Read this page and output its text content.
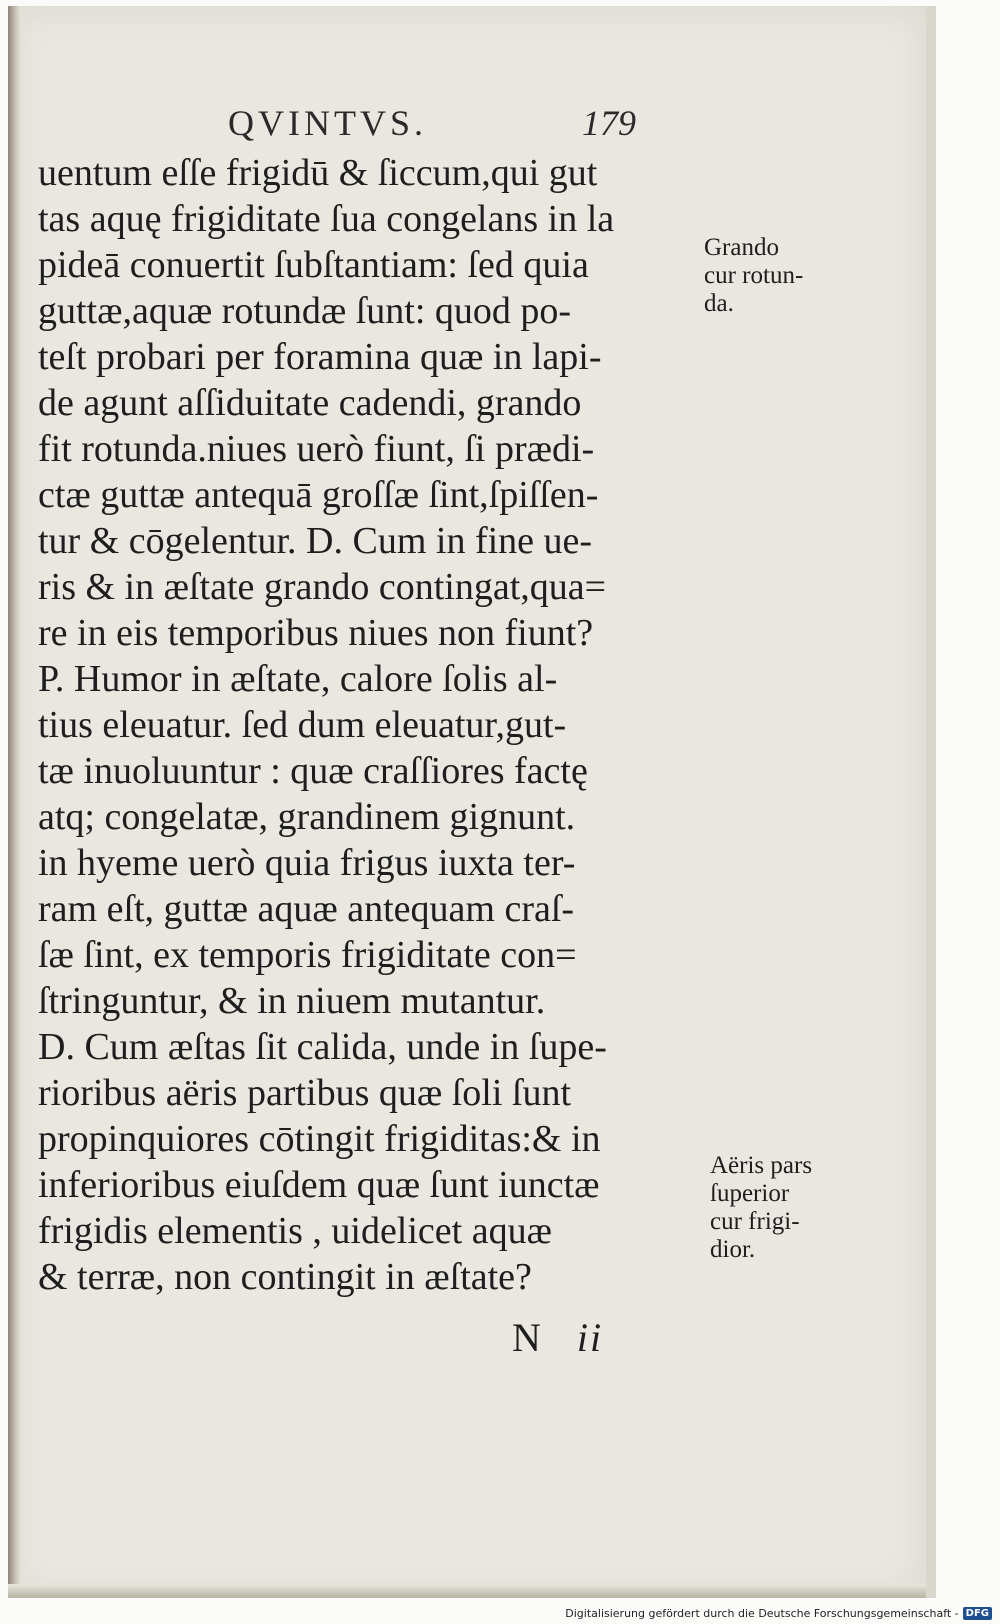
QVINTVS.	179
uentum eſſe frigidū & ſiccum,qui gut
tas aquę frigiditate ſua congelans in la
pideā conuertit ſubſtantiam: ſed quia
guttæ,aquæ rotundæ ſunt: quod po-
teſt probari per foramina quæ in lapi-
de agunt aſſiduitate cadendi, grando
fit rotunda.niues uerò fiunt, ſi prædi-
ctæ guttæ antequā groſſæ ſint,ſpiſſen-
tur & cōgelentur. D. Cum in fine ue-
ris & in æſtate grando contingat,qua=
re in eis temporibus niues non fiunt?
P. Humor in æſtate, calore ſolis al-
tius eleuatur. ſed dum eleuatur,gut-
tæ inuoluuntur : quæ craſſiores factę
atq; congelatæ, grandinem gignunt.
in hyeme uerò quia frigus iuxta ter-
ram eſt, guttæ aquæ antequam craſ-
ſæ ſint, ex temporis frigiditate con=
ſtringuntur, & in niuem mutantur.
D. Cum æſtas ſit calida, unde in ſupe-
rioribus aëris partibus quæ ſoli ſunt
propinquiores cōtingit frigiditas:& in
inferioribus eiuſdem quæ ſunt iunctæ
frigidis elementis , uidelicet aquæ
& terræ, non contingit in æſtate?
N ii
Grando
cur rotun-
da.
Aëris pars
ſuperior
cur frigi-
dior.
Digitalisierung gefördert durch die Deutsche Forschungsgemeinschaft - DFG
